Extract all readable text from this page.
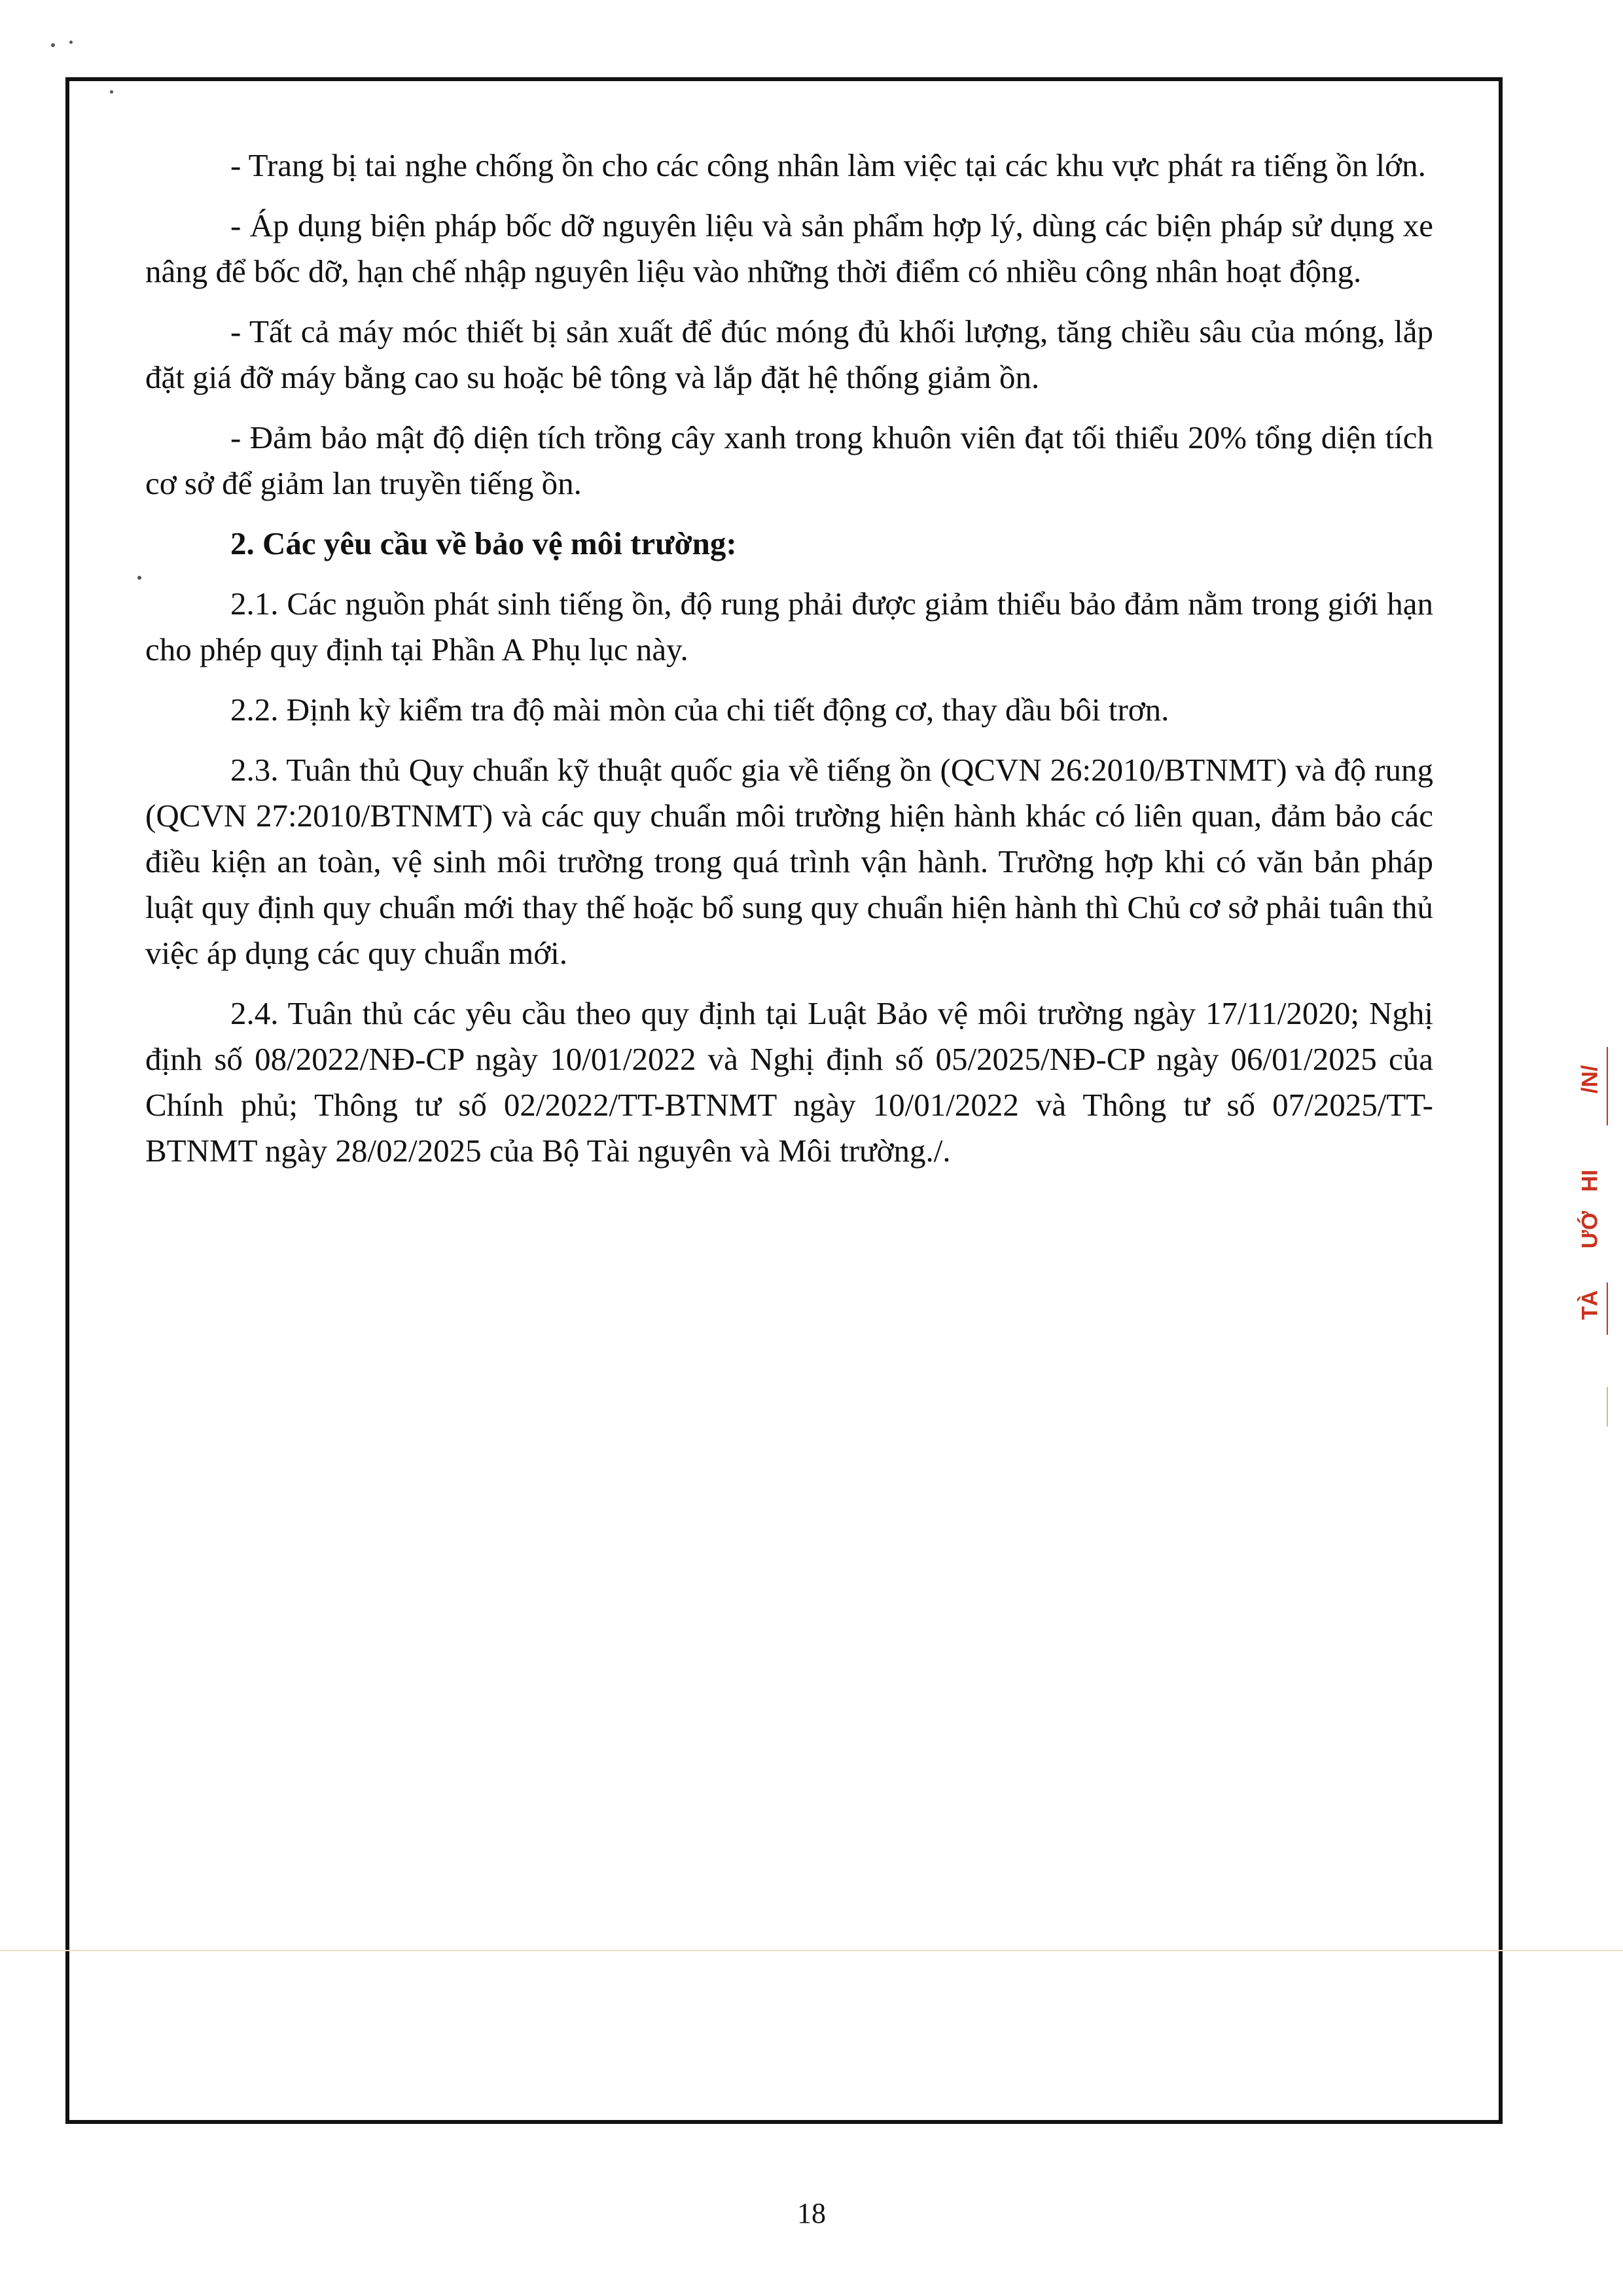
- Trang bị tai nghe chống ồn cho các công nhân làm việc tại các khu vực phát ra tiếng ồn lớn.

- Áp dụng biện pháp bốc dỡ nguyên liệu và sản phẩm hợp lý, dùng các biện pháp sử dụng xe nâng để bốc dỡ, hạn chế nhập nguyên liệu vào những thời điểm có nhiều công nhân hoạt động.

- Tất cả máy móc thiết bị sản xuất để đúc móng đủ khối lượng, tăng chiều sâu của móng, lắp đặt giá đỡ máy bằng cao su hoặc bê tông và lắp đặt hệ thống giảm ồn.

- Đảm bảo mật độ diện tích trồng cây xanh trong khuôn viên đạt tối thiểu 20% tổng diện tích cơ sở để giảm lan truyền tiếng ồn.

2. Các yêu cầu về bảo vệ môi trường:

2.1. Các nguồn phát sinh tiếng ồn, độ rung phải được giảm thiểu bảo đảm nằm trong giới hạn cho phép quy định tại Phần A Phụ lục này.

2.2. Định kỳ kiểm tra độ mài mòn của chi tiết động cơ, thay dầu bôi trơn.

2.3. Tuân thủ Quy chuẩn kỹ thuật quốc gia về tiếng ồn (QCVN 26:2010/BTNMT) và độ rung (QCVN 27:2010/BTNMT) và các quy chuẩn môi trường hiện hành khác có liên quan, đảm bảo các điều kiện an toàn, vệ sinh môi trường trong quá trình vận hành. Trường hợp khi có văn bản pháp luật quy định quy chuẩn mới thay thế hoặc bổ sung quy chuẩn hiện hành thì Chủ cơ sở phải tuân thủ việc áp dụng các quy chuẩn mới.

2.4. Tuân thủ các yêu cầu theo quy định tại Luật Bảo vệ môi trường ngày 17/11/2020; Nghị định số 08/2022/NĐ-CP ngày 10/01/2022 và Nghị định số 05/2025/NĐ-CP ngày 06/01/2025 của Chính phủ; Thông tư số 02/2022/TT-BTNMT ngày 10/01/2022 và Thông tư số 07/2025/TT-BTNMT ngày 28/02/2025 của Bộ Tài nguyên và Môi trường./.

18
/N/
HI
ƯỚ
TÀ
